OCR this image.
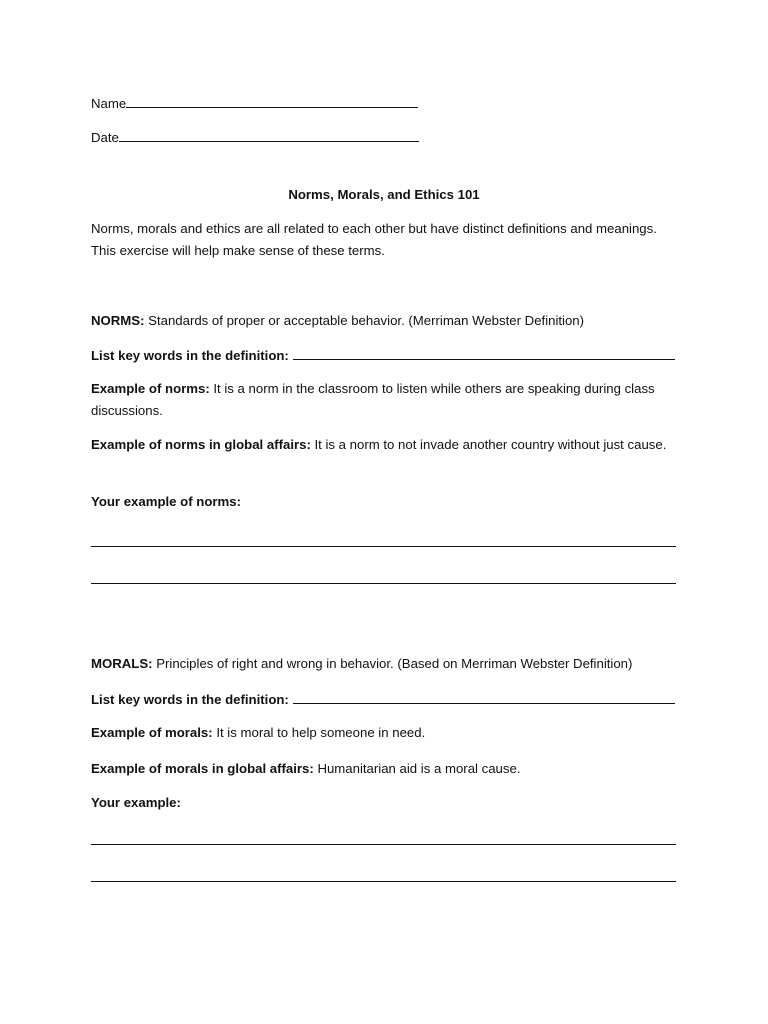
Name
Date
Norms, Morals, and Ethics 101
Norms, morals and ethics are all related to each other but have distinct definitions and meanings. This exercise will help make sense of these terms.
NORMS: Standards of proper or acceptable behavior. (Merriman Webster Definition)
List key words in the definition:
Example of norms: It is a norm in the classroom to listen while others are speaking during class discussions.
Example of norms in global affairs: It is a norm to not invade another country without just cause.
Your example of norms:
MORALS: Principles of right and wrong in behavior. (Based on Merriman Webster Definition)
List key words in the definition:
Example of morals: It is moral to help someone in need.
Example of morals in global affairs: Humanitarian aid is a moral cause.
Your example:
